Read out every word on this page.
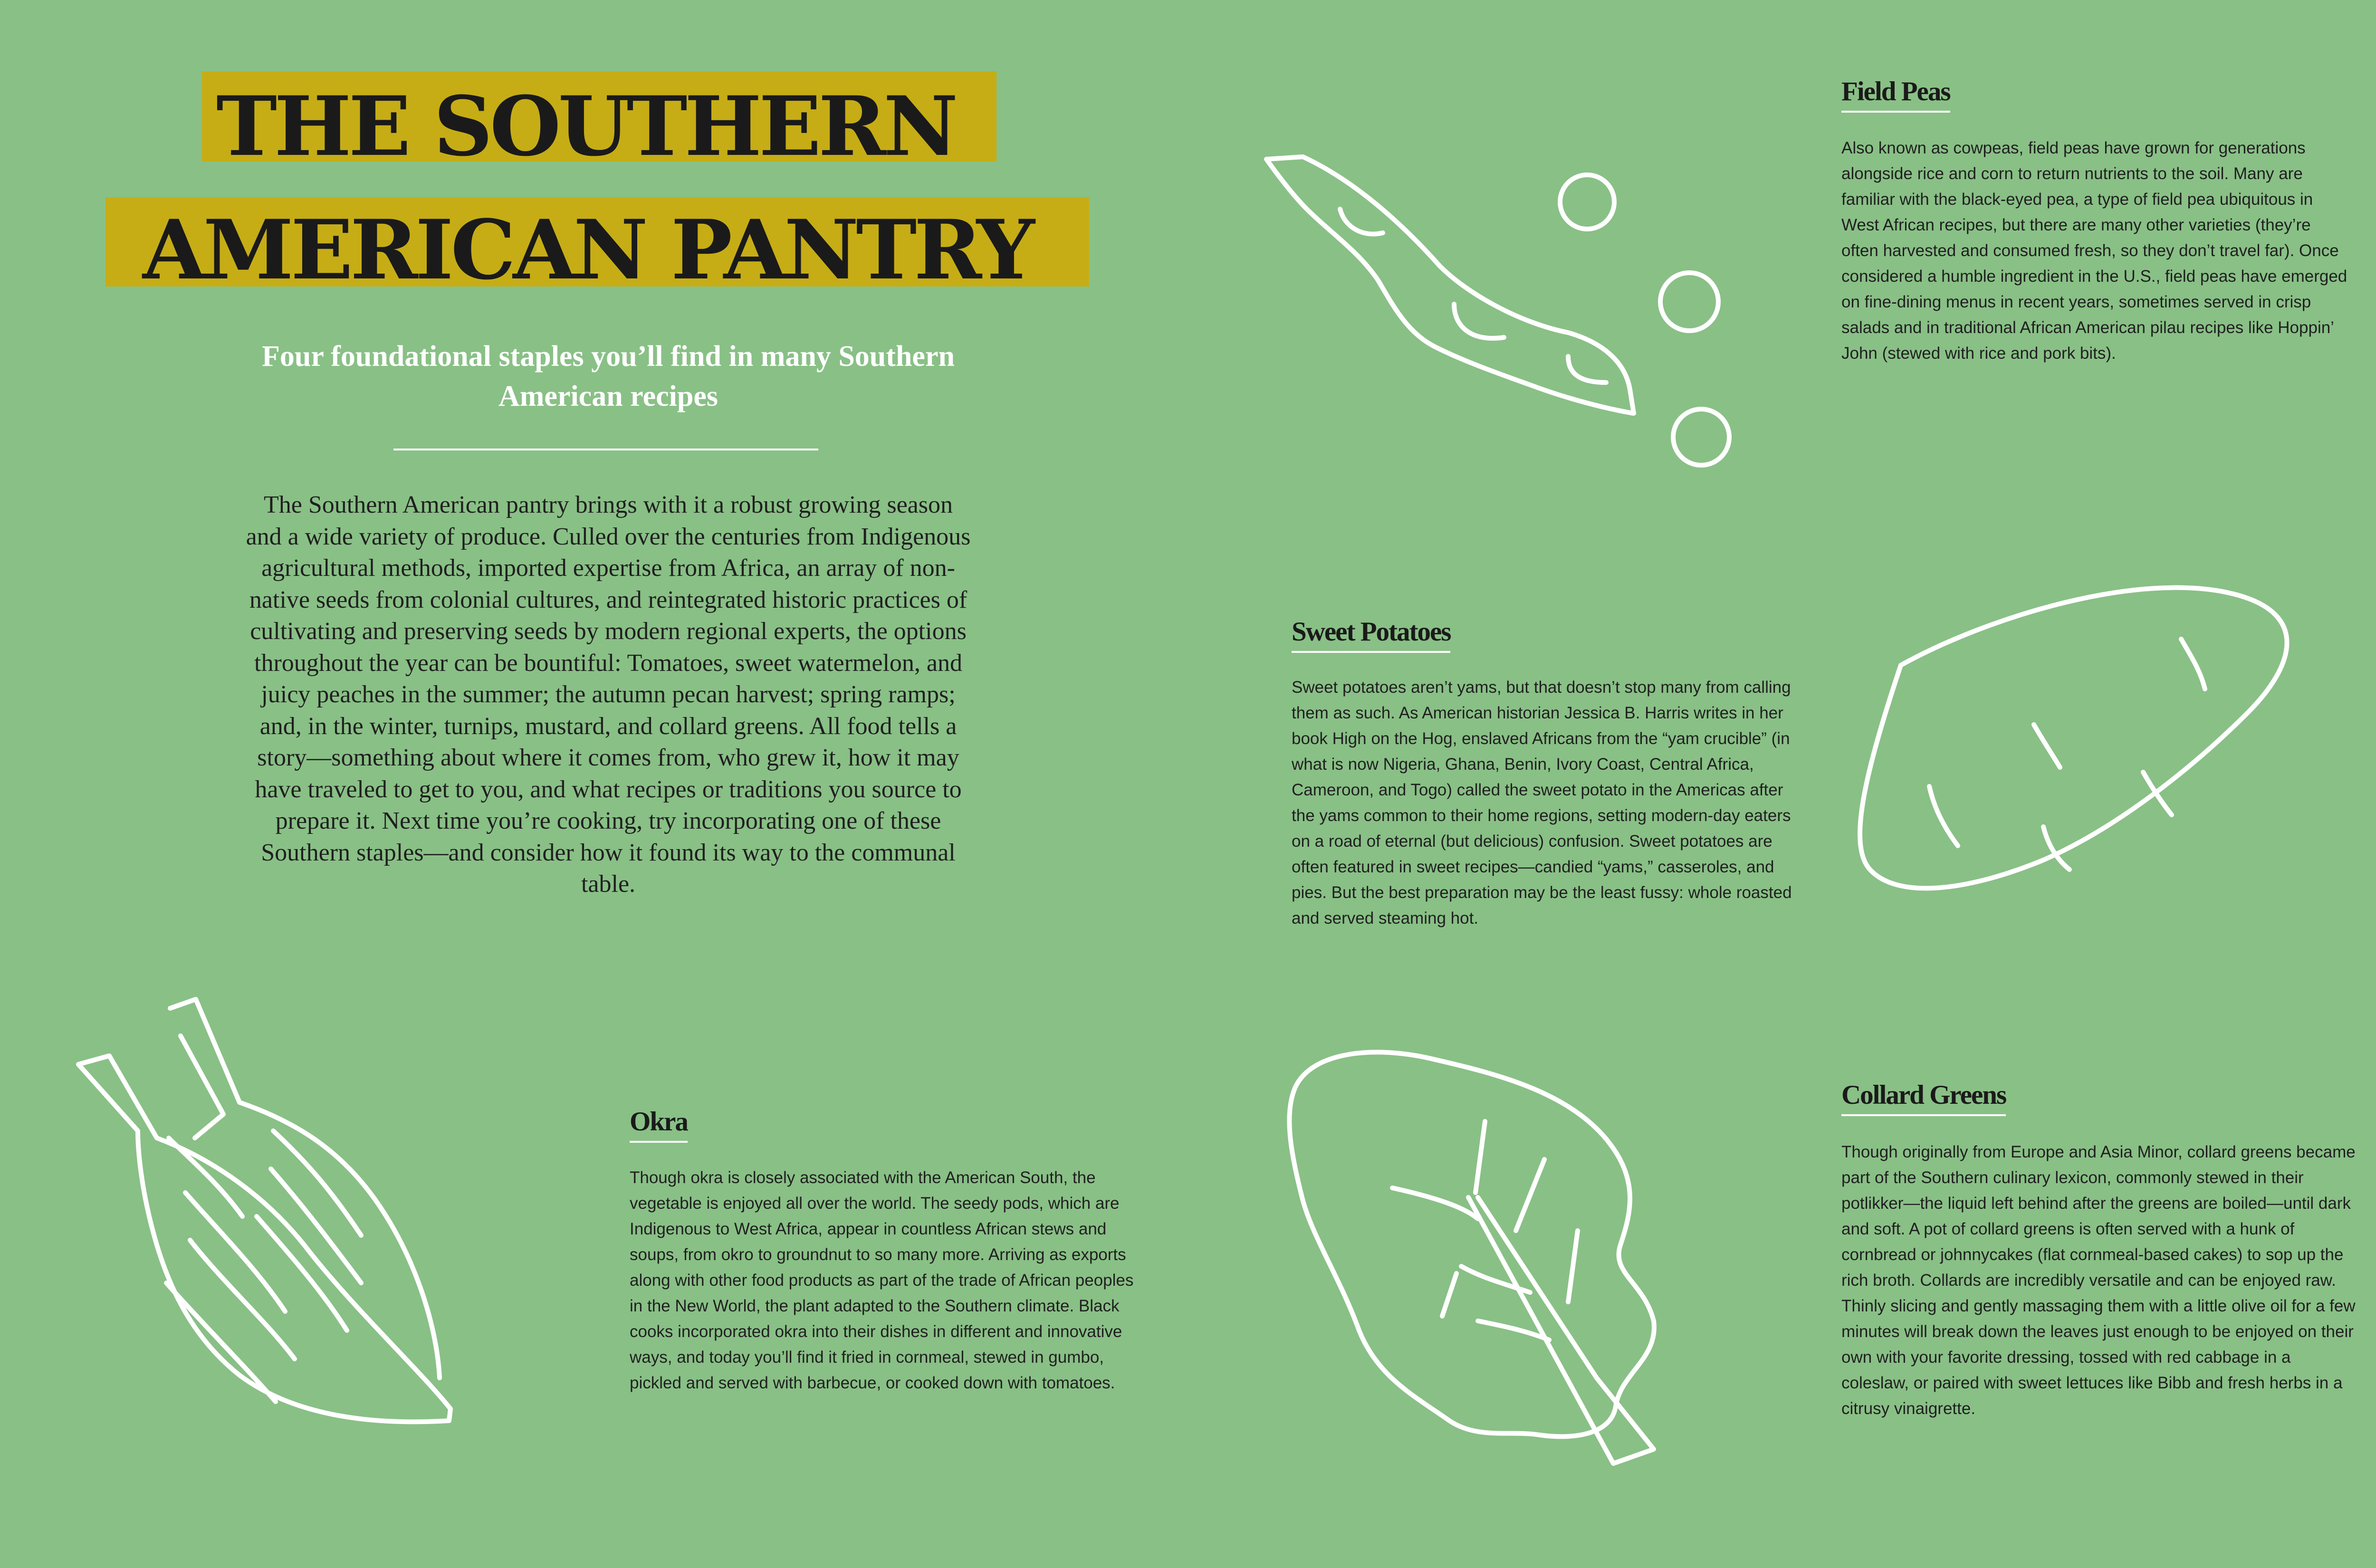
THE SOUTHERN
AMERICAN PANTRY
Four foundational staples you’ll find in many Southern American recipes
The Southern American pantry brings with it a robust growing season and a wide variety of produce. Culled over the centuries from Indigenous agricultural methods, imported expertise from Africa, an array of non-native seeds from colonial cultures, and reintegrated historic practices of cultivating and preserving seeds by modern regional experts, the options throughout the year can be bountiful: Tomatoes, sweet watermelon, and juicy peaches in the summer; the autumn pecan harvest; spring ramps; and, in the winter, turnips, mustard, and collard greens. All food tells a story—something about where it comes from, who grew it, how it may have traveled to get to you, and what recipes or traditions you source to prepare it. Next time you’re cooking, try incorporating one of these Southern staples—and consider how it found its way to the communal table.
Field Peas
Also known as cowpeas, field peas have grown for generations alongside rice and corn to return nutrients to the soil. Many are familiar with the black-eyed pea, a type of field pea ubiquitous in West African recipes, but there are many other varieties (they’re often harvested and consumed fresh, so they don’t travel far). Once considered a humble ingredient in the U.S., field peas have emerged on fine-dining menus in recent years, sometimes served in crisp salads and in traditional African American pilau recipes like Hoppin’ John (stewed with rice and pork bits).
Sweet Potatoes
Sweet potatoes aren’t yams, but that doesn’t stop many from calling them as such. As American historian Jessica B. Harris writes in her book High on the Hog, enslaved Africans from the “yam crucible” (in what is now Nigeria, Ghana, Benin, Ivory Coast, Central Africa, Cameroon, and Togo) called the sweet potato in the Americas after the yams common to their home regions, setting modern-day eaters on a road of eternal (but delicious) confusion. Sweet potatoes are often featured in sweet recipes—candied “yams,” casseroles, and pies. But the best preparation may be the least fussy: whole roasted and served steaming hot.
Okra
Though okra is closely associated with the American South, the vegetable is enjoyed all over the world. The seedy pods, which are Indigenous to West Africa, appear in countless African stews and soups, from okro to groundnut to so many more. Arriving as exports along with other food products as part of the trade of African peoples in the New World, the plant adapted to the Southern climate. Black cooks incorporated okra into their dishes in different and innovative ways, and today you’ll find it fried in cornmeal, stewed in gumbo, pickled and served with barbecue, or cooked down with tomatoes.
Collard Greens
Though originally from Europe and Asia Minor, collard greens became part of the Southern culinary lexicon, commonly stewed in their potlikker—the liquid left behind after the greens are boiled—until dark and soft. A pot of collard greens is often served with a hunk of cornbread or johnnycakes (flat cornmeal-based cakes) to sop up the rich broth. Collards are incredibly versatile and can be enjoyed raw. Thinly slicing and gently massaging them with a little olive oil for a few minutes will break down the leaves just enough to be enjoyed on their own with your favorite dressing, tossed with red cabbage in a coleslaw, or paired with sweet lettuces like Bibb and fresh herbs in a citrusy vinaigrette.
